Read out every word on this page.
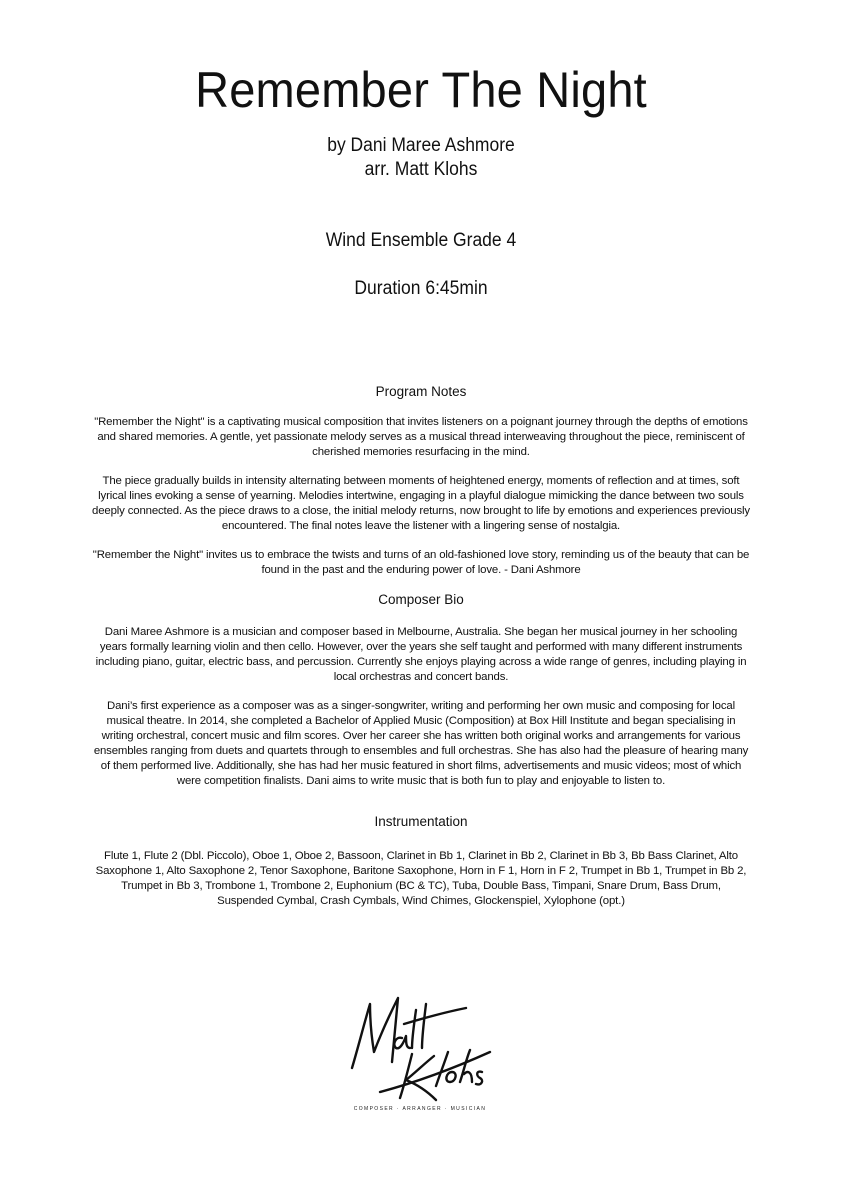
Remember The Night

by Dani Maree Ashmore

arr. Matt Klohs

Wind Ensemble Grade 4

Duration 6:45min

Program Notes

"Remember the Night" is a captivating musical composition that invites listeners on a poignant journey through the depths of emotions and shared memories. A gentle, yet passionate melody serves as a musical thread interweaving throughout the piece, reminiscent of cherished memories resurfacing in the mind.

The piece gradually builds in intensity alternating between moments of heightened energy, moments of reflection and at times, soft lyrical lines evoking a sense of yearning. Melodies intertwine, engaging in a playful dialogue mimicking the dance between two souls deeply connected. As the piece draws to a close, the initial melody returns, now brought to life by emotions and experiences previously encountered. The final notes leave the listener with a lingering sense of nostalgia.

"Remember the Night" invites us to embrace the twists and turns of an old-fashioned love story, reminding us of the beauty that can be found in the past and the enduring power of love. - Dani Ashmore

Composer Bio

Dani Maree Ashmore is a musician and composer based in Melbourne, Australia. She began her musical journey in her schooling years formally learning violin and then cello. However, over the years she self taught and performed with many different instruments including piano, guitar, electric bass, and percussion. Currently she enjoys playing across a wide range of genres, including playing in local orchestras and concert bands.

Dani’s first experience as a composer was as a singer-songwriter, writing and performing her own music and composing for local musical theatre. In 2014, she completed a Bachelor of Applied Music (Composition) at Box Hill Institute and began specialising in writing orchestral, concert music and film scores. Over her career she has written both original works and arrangements for various ensembles ranging from duets and quartets through to ensembles and full orchestras. She has also had the pleasure of hearing many of them performed live. Additionally, she has had her music featured in short films, advertisements and music videos; most of which were competition finalists. Dani aims to write music that is both fun to play and enjoyable to listen to.

Instrumentation

Flute 1, Flute 2 (Dbl. Piccolo), Oboe 1, Oboe 2, Bassoon, Clarinet in Bb 1, Clarinet in Bb 2, Clarinet in Bb 3, Bb Bass Clarinet, Alto Saxophone 1, Alto Saxophone 2, Tenor Saxophone, Baritone Saxophone, Horn in F 1, Horn in F 2, Trumpet in Bb 1, Trumpet in Bb 2, Trumpet in Bb 3, Trombone 1, Trombone 2, Euphonium (BC & TC), Tuba, Double Bass, Timpani, Snare Drum, Bass Drum, Suspended Cymbal, Crash Cymbals, Wind Chimes, Glockenspiel, Xylophone (opt.)

COMPOSER · ARRANGER · MUSICIAN
